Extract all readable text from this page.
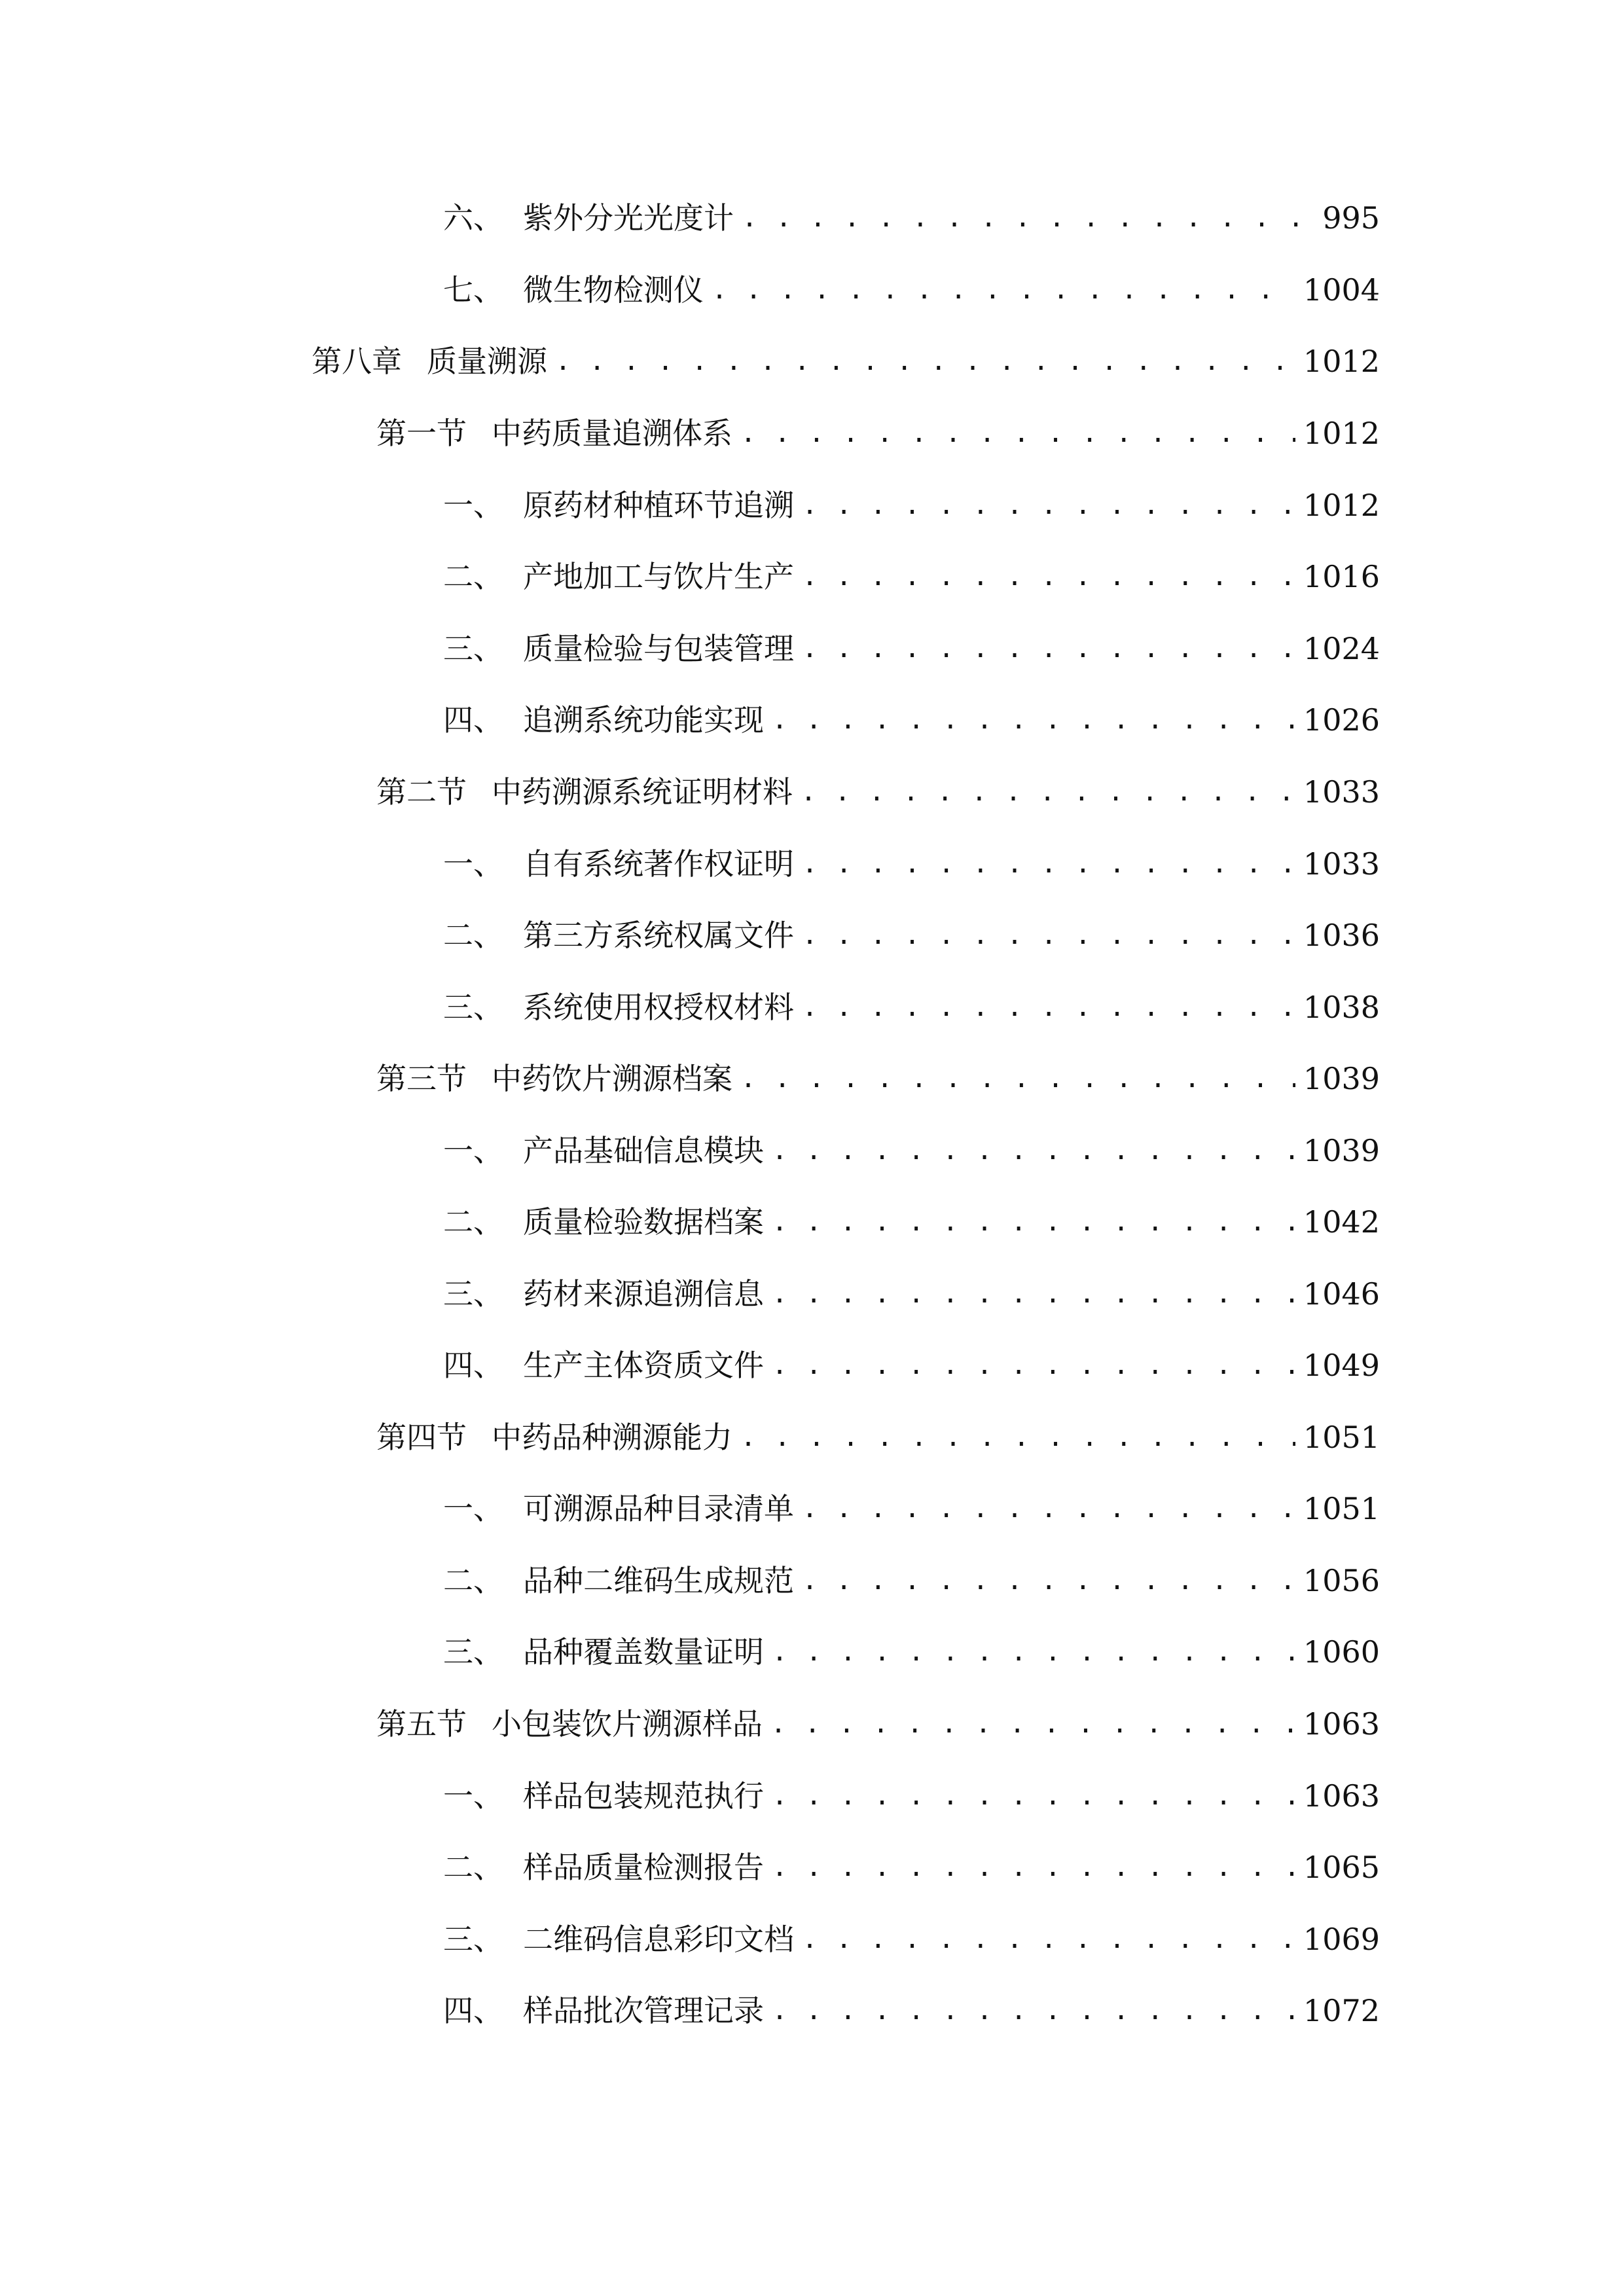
六、 紫外分光光度计 . . .	995
七、 微生物检测仪 . . .	1004
第八章 质量溯源 . . .	1012
第一节 中药质量追溯体系 . . .	1012
一、 原药材种植环节追溯 . . .	1012
二、 产地加工与饮片生产 . . .	1016
三、 质量检验与包装管理 . . .	1024
四、 追溯系统功能实现 . . .	1026
第二节 中药溯源系统证明材料 . . .	1033
一、 自有系统著作权证明 . . .	1033
二、 第三方系统权属文件 . . .	1036
三、 系统使用权授权材料 . . .	1038
第三节 中药饮片溯源档案 . . .	1039
一、 产品基础信息模块 . . .	1039
二、 质量检验数据档案 . . .	1042
三、 药材来源追溯信息 . . .	1046
四、 生产主体资质文件 . . .	1049
第四节 中药品种溯源能力 . . .	1051
一、 可溯源品种目录清单 . . .	1051
二、 品种二维码生成规范 . . .	1056
三、 品种覆盖数量证明 . . .	1060
第五节 小包装饮片溯源样品 . . .	1063
一、 样品包装规范执行 . . .	1063
二、 样品质量检测报告 . . .	1065
三、 二维码信息彩印文档 . . .	1069
四、 样品批次管理记录 . . .	1072
